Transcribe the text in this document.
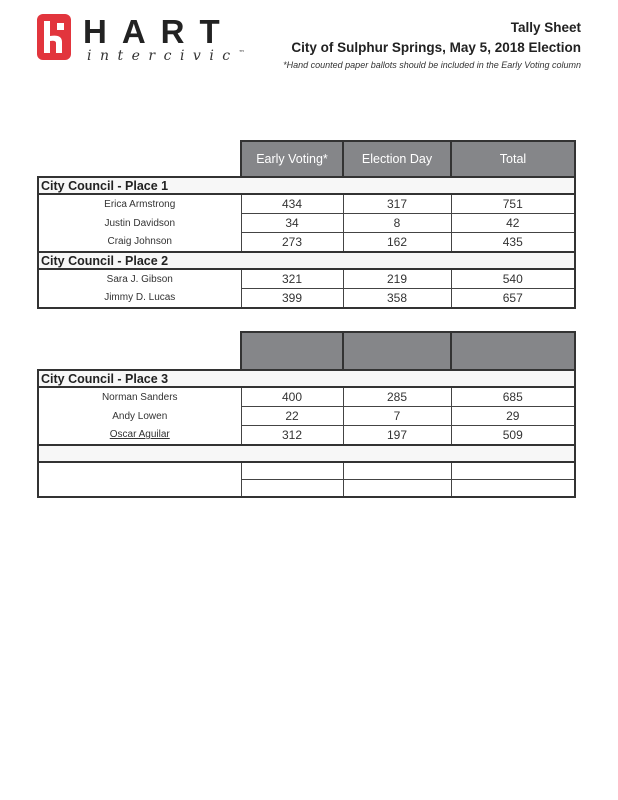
HART
intercivic™
Tally Sheet
City of Sulphur Springs, May 5, 2018 Election
*Hand counted paper ballots should be included in the Early Voting column
	Early Voting*	Election Day	Total
City Council - Place 1			
Erica Armstrong	434	317	751
Justin Davidson	34	8	42
Craig Johnson	273	162	435
City Council - Place 2			
Sara J. Gibson	321	219	540
Jimmy D. Lucas	399	358	657

City Council - Place 3			
Norman Sanders	400	285	685
Andy Lowen	22	7	29
Oscar Aguilar	312	197	509
